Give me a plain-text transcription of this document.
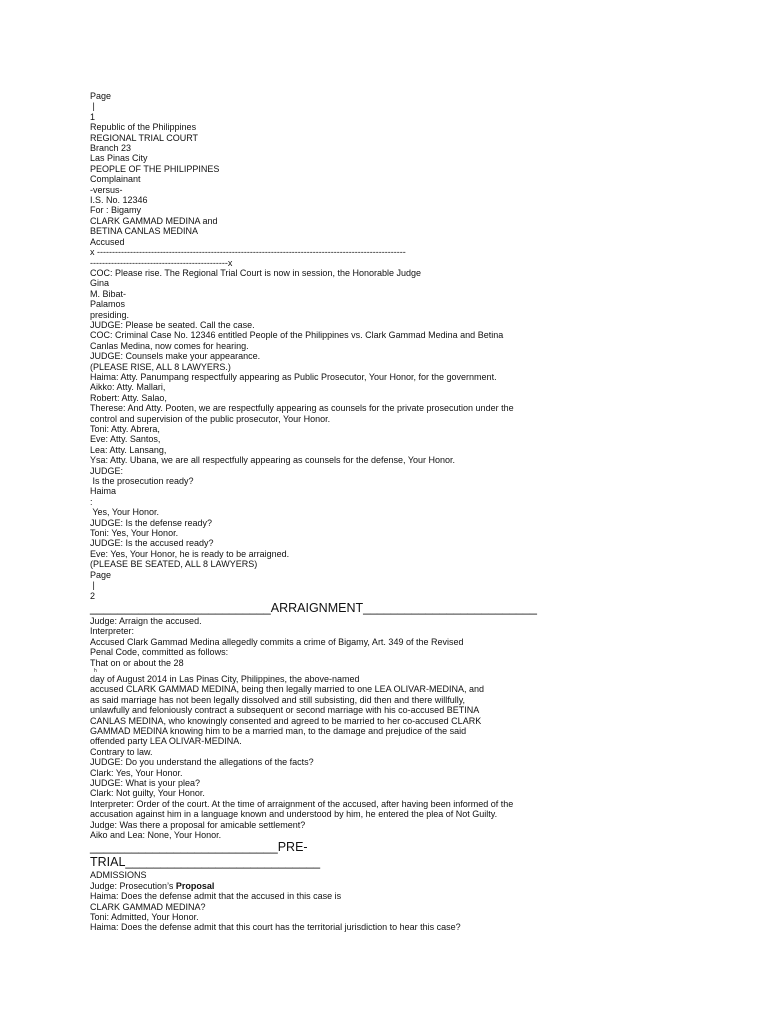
Page
|
1
Republic of the Philippines
REGIONAL TRIAL COURT
Branch 23
Las Pinas City
PEOPLE OF THE PHILIPPINES
Complainant
-versus-
I.S. No. 12346
For : Bigamy
CLARK GAMMAD MEDINA and
BETINA CANLAS MEDINA
Accused
x -------------------------------------------------------------------------------------------------------
----------------------------------------------x
COC: Please rise. The Regional Trial Court is now in session, the Honorable Judge
Gina
M. Bibat-
Palamos
presiding.
JUDGE: Please be seated. Call the case.
COC: Criminal Case No. 12346 entitled People of the Philippines vs. Clark Gammad Medina and Betina
Canlas Medina, now comes for hearing.
JUDGE: Counsels make your appearance.
(PLEASE RISE, ALL 8 LAWYERS.)
Haima: Atty. Panumpang respectfully appearing as Public Prosecutor, Your Honor, for the government.
Aikko: Atty. Mallari,
Robert: Atty. Salao,
Therese: And Atty. Pooten, we are respectfully appearing as counsels for the private prosecution under the
control and supervision of the public prosecutor, Your Honor.
Toni: Atty. Abrera,
Eve: Atty. Santos,
Lea: Atty. Lansang,
Ysa: Atty. Ubana, we are all respectfully appearing as counsels for the defense, Your Honor.
JUDGE:
Is the prosecution ready?
Haima
:
Yes, Your Honor.
JUDGE: Is the defense ready?
Toni: Yes, Your Honor.
JUDGE: Is the accused ready?
Eve: Yes, Your Honor, he is ready to be arraigned.
(PLEASE BE SEATED, ALL 8 LAWYERS)
Page
|
2
__________________________ARRAIGNMENT_________________________
Judge: Arraign the accused.
Interpreter:
Accused Clark Gammad Medina allegedly commits a crime of Bigamy, Art. 349 of the Revised
Penal Code, committed as follows:
That on or about the 28
h
day of August 2014 in Las Pinas City, Philippines, the above-named
accused CLARK GAMMAD MEDINA, being then legally married to one LEA OLIVAR-MEDINA, and
as said marriage has not been legally dissolved and still subsisting, did then and there willfully,
unlawfully and feloniously contract a subsequent or second marriage with his co-accused BETINA
CANLAS MEDINA, who knowingly consented and agreed to be married to her co-accused CLARK
GAMMAD MEDINA knowing him to be a married man, to the damage and prejudice of the said
offended party LEA OLIVAR-MEDINA.
Contrary to law.
JUDGE: Do you understand the allegations of the facts?
Clark: Yes, Your Honor.
JUDGE: What is your plea?
Clark: Not guilty, Your Honor.
Interpreter: Order of the court. At the time of arraignment of the accused, after having been informed of the
accusation against him in a language known and understood by him, he entered the plea of Not Guilty.
Judge: Was there a proposal for amicable settlement?
Aiko and Lea: None, Your Honor.
___________________________PRE-
TRIAL____________________________
ADMISSIONS
Judge: Prosecution’s Proposal
Haima: Does the defense admit that the accused in this case is
CLARK GAMMAD MEDINA?
Toni: Admitted, Your Honor.
Haima: Does the defense admit that this court has the territorial jurisdiction to hear this case?
